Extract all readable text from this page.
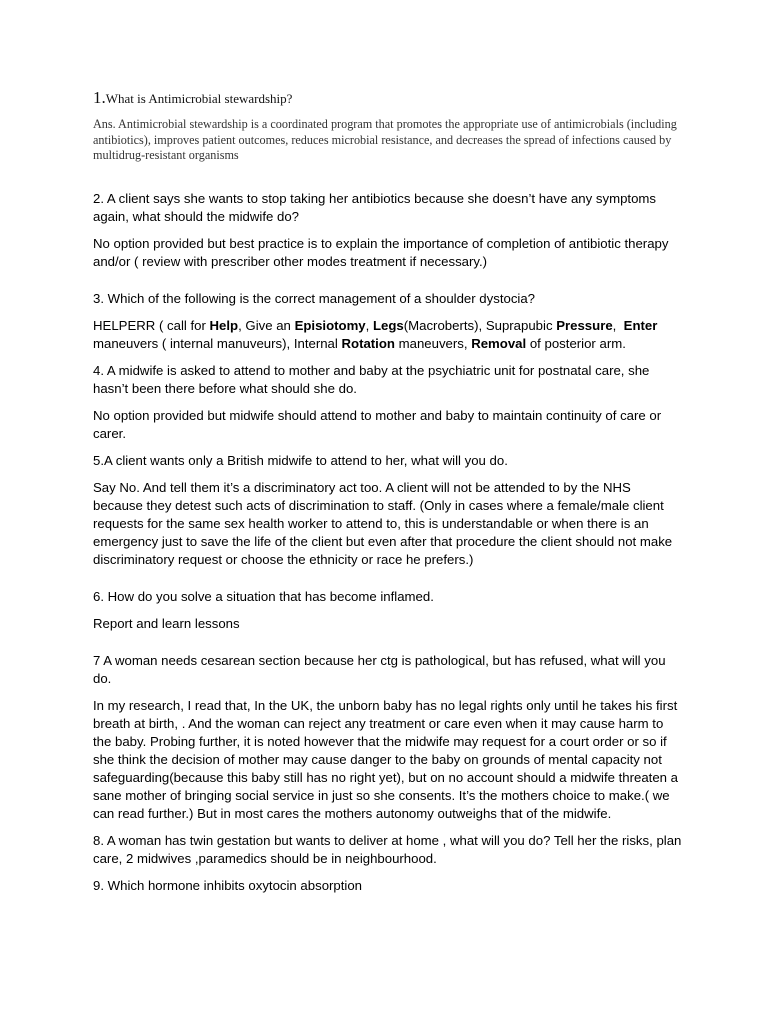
1.What is Antimicrobial stewardship?

Ans. Antimicrobial stewardship is a coordinated program that promotes the appropriate use of antimicrobials (including antibiotics), improves patient outcomes, reduces microbial resistance, and decreases the spread of infections caused by multidrug-resistant organisms

2. A client says she wants to stop taking her antibiotics because she doesn’t have any symptoms again, what should the midwife do?

No option provided but best practice is to explain the importance of completion of antibiotic therapy and/or ( review with prescriber other modes treatment if necessary.)

3. Which of the following is the correct management of a shoulder dystocia?

HELPERR ( call for Help, Give an Episiotomy, Legs(Macroberts), Suprapubic Pressure,  Enter maneuvers ( internal manuveurs), Internal Rotation maneuvers, Removal of posterior arm.

4. A midwife is asked to attend to mother and baby at the psychiatric unit for postnatal care, she hasn’t been there before what should she do.

No option provided but midwife should attend to mother and baby to maintain continuity of care or carer.

5.A client wants only a British midwife to attend to her, what will you do.

Say No. And tell them it’s a discriminatory act too. A client will not be attended to by the NHS because they detest such acts of discrimination to staff. (Only in cases where a female/male client requests for the same sex health worker to attend to, this is understandable or when there is an emergency just to save the life of the client but even after that procedure the client should not make discriminatory request or choose the ethnicity or race he prefers.)

6. How do you solve a situation that has become inflamed.

Report and learn lessons

7 A woman needs cesarean section because her ctg is pathological, but has refused, what will you do.

In my research, I read that, In the UK, the unborn baby has no legal rights only until he takes his first breath at birth, . And the woman can reject any treatment or care even when it may cause harm to the baby. Probing further, it is noted however that the midwife may request for a court order or so if she think the decision of mother may cause danger to the baby on grounds of mental capacity not safeguarding(because this baby still has no right yet), but on no account should a midwife threaten a sane mother of bringing social service in just so she consents. It’s the mothers choice to make.( we can read further.) But in most cares the mothers autonomy outweighs that of the midwife.

8. A woman has twin gestation but wants to deliver at home , what will you do? Tell her the risks, plan care, 2 midwives ,paramedics should be in neighbourhood.

9. Which hormone inhibits oxytocin absorption
